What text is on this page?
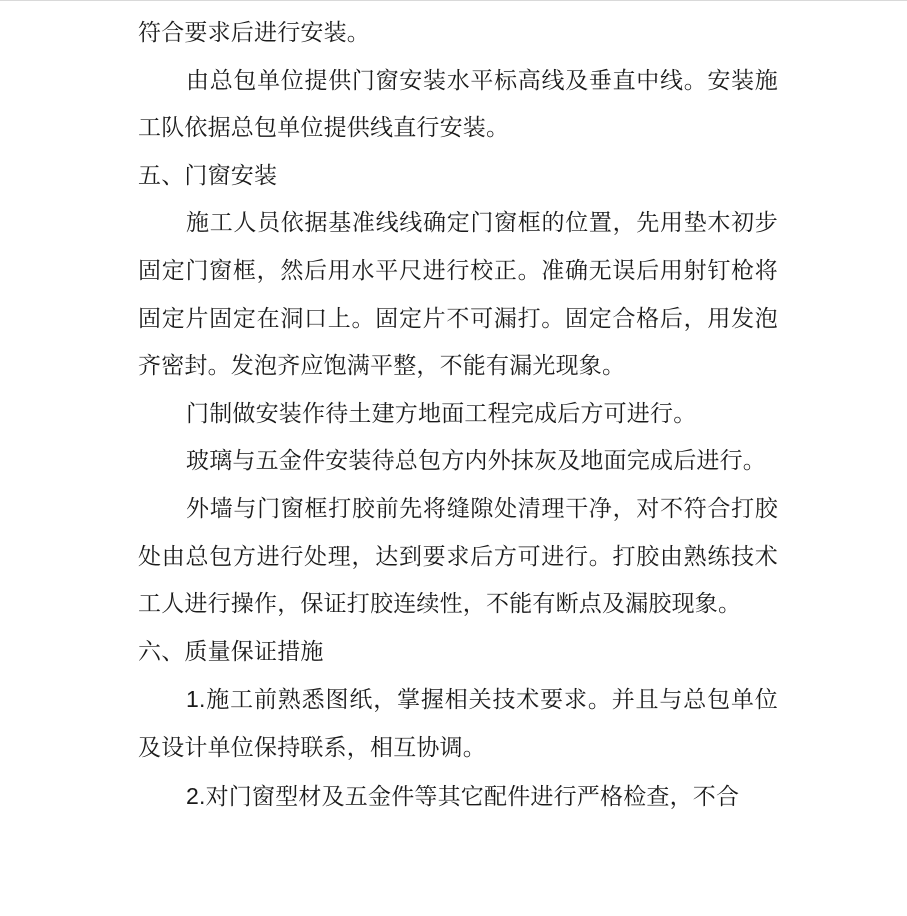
符合要求后进行安装。

由总包单位提供门窗安装水平标高线及垂直中线。安装施工队依据总包单位提供线直行安装。

五、门窗安装

施工人员依据基准线线确定门窗框的位置，先用垫木初步固定门窗框，然后用水平尺进行校正。准确无误后用射钉枪将固定片固定在洞口上。固定片不可漏打。固定合格后，用发泡齐密封。发泡齐应饱满平整，不能有漏光现象。

门制做安装作待土建方地面工程完成后方可进行。

玻璃与五金件安装待总包方内外抹灰及地面完成后进行。

外墙与门窗框打胶前先将缝隙处清理干净，对不符合打胶处由总包方进行处理，达到要求后方可进行。打胶由熟练技术工人进行操作，保证打胶连续性，不能有断点及漏胶现象。

六、质量保证措施

1.施工前熟悉图纸，掌握相关技术要求。并且与总包单位及设计单位保持联系，相互协调。

2.对门窗型材及五金件等其它配件进行严格检查，不合
